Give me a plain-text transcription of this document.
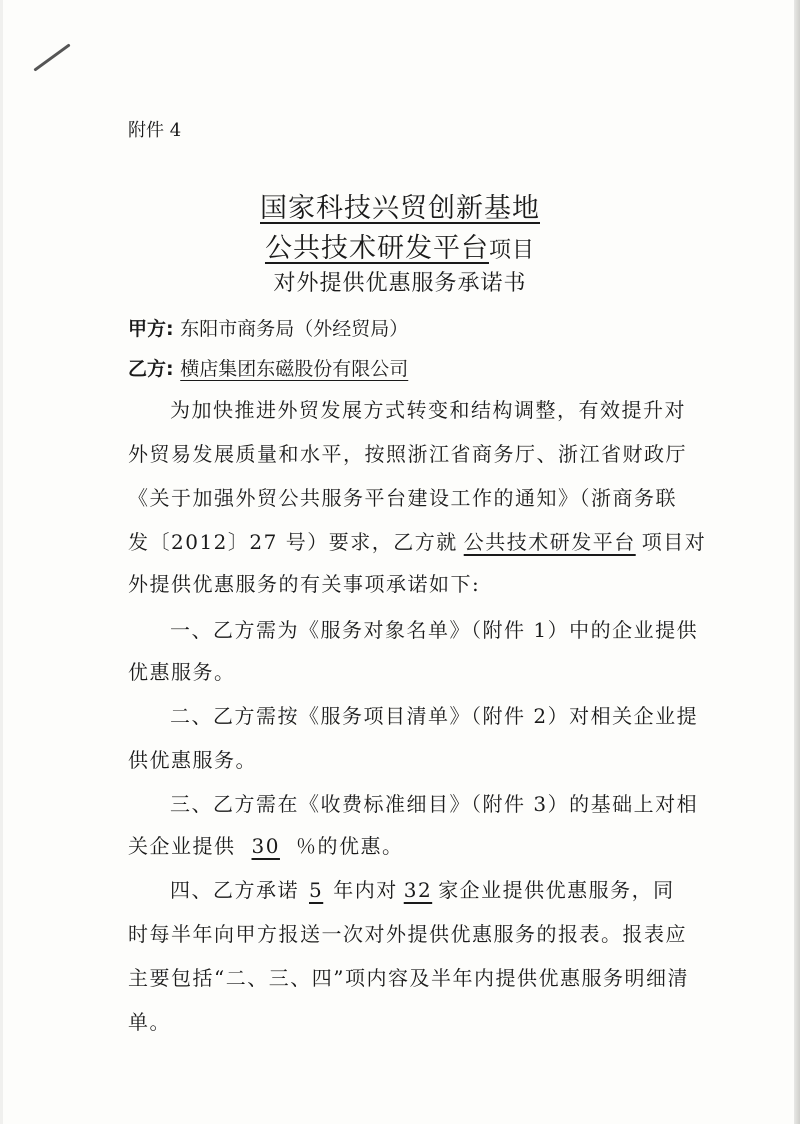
附件 4
国家科技兴贸创新基地
公共技术研发平台项目
对外提供优惠服务承诺书
甲方: 东阳市商务局（外经贸局）
乙方: 横店集团东磁股份有限公司
为加快推进外贸发展方式转变和结构调整，有效提升对
外贸易发展质量和水平，按照浙江省商务厅、浙江省财政厅
《关于加强外贸公共服务平台建设工作的通知》（浙商务联
发〔2012〕27 号）要求，乙方就 公共技术研发平台 项目对
外提供优惠服务的有关事项承诺如下:
一、乙方需为《服务对象名单》（附件 1）中的企业提供
优惠服务。
二、乙方需按《服务项目清单》（附件 2）对相关企业提
供优惠服务。
三、乙方需在《收费标准细目》（附件 3）的基础上对相
关企业提供 30 ％的优惠。
四、乙方承诺 5 年内对 32 家企业提供优惠服务，同
时每半年向甲方报送一次对外提供优惠服务的报表。报表应
主要包括“二、三、四”项内容及半年内提供优惠服务明细清
单。
